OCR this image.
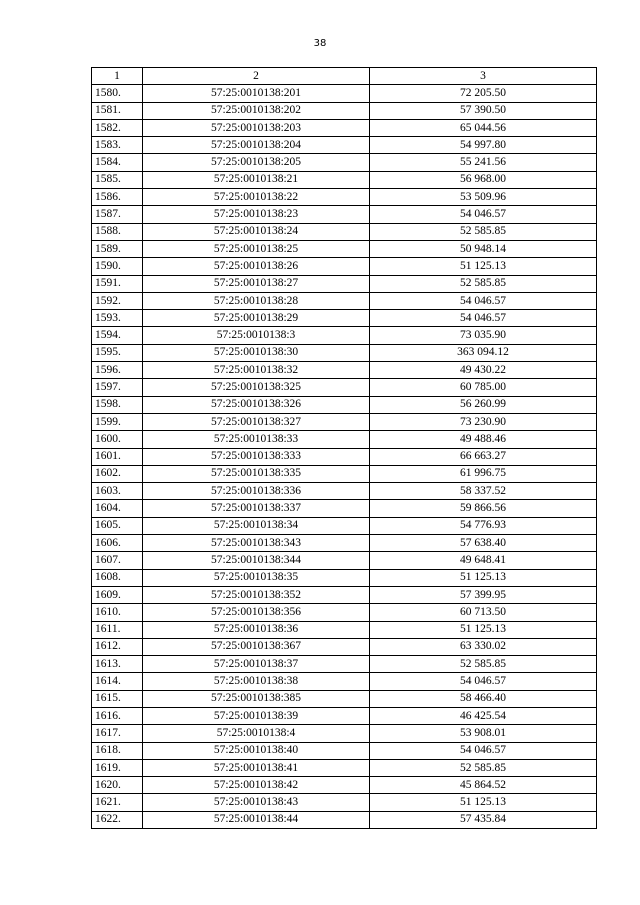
38
1	2	3
1580.	57:25:0010138:201	72 205.50
1581.	57:25:0010138:202	57 390.50
1582.	57:25:0010138:203	65 044.56
1583.	57:25:0010138:204	54 997.80
1584.	57:25:0010138:205	55 241.56
1585.	57:25:0010138:21	56 968.00
1586.	57:25:0010138:22	53 509.96
1587.	57:25:0010138:23	54 046.57
1588.	57:25:0010138:24	52 585.85
1589.	57:25:0010138:25	50 948.14
1590.	57:25:0010138:26	51 125.13
1591.	57:25:0010138:27	52 585.85
1592.	57:25:0010138:28	54 046.57
1593.	57:25:0010138:29	54 046.57
1594.	57:25:0010138:3	73 035.90
1595.	57:25:0010138:30	363 094.12
1596.	57:25:0010138:32	49 430.22
1597.	57:25:0010138:325	60 785.00
1598.	57:25:0010138:326	56 260.99
1599.	57:25:0010138:327	73 230.90
1600.	57:25:0010138:33	49 488.46
1601.	57:25:0010138:333	66 663.27
1602.	57:25:0010138:335	61 996.75
1603.	57:25:0010138:336	58 337.52
1604.	57:25:0010138:337	59 866.56
1605.	57:25:0010138:34	54 776.93
1606.	57:25:0010138:343	57 638.40
1607.	57:25:0010138:344	49 648.41
1608.	57:25:0010138:35	51 125.13
1609.	57:25:0010138:352	57 399.95
1610.	57:25:0010138:356	60 713.50
1611.	57:25:0010138:36	51 125.13
1612.	57:25:0010138:367	63 330.02
1613.	57:25:0010138:37	52 585.85
1614.	57:25:0010138:38	54 046.57
1615.	57:25:0010138:385	58 466.40
1616.	57:25:0010138:39	46 425.54
1617.	57:25:0010138:4	53 908.01
1618.	57:25:0010138:40	54 046.57
1619.	57:25:0010138:41	52 585.85
1620.	57:25:0010138:42	45 864.52
1621.	57:25:0010138:43	51 125.13
1622.	57:25:0010138:44	57 435.84
